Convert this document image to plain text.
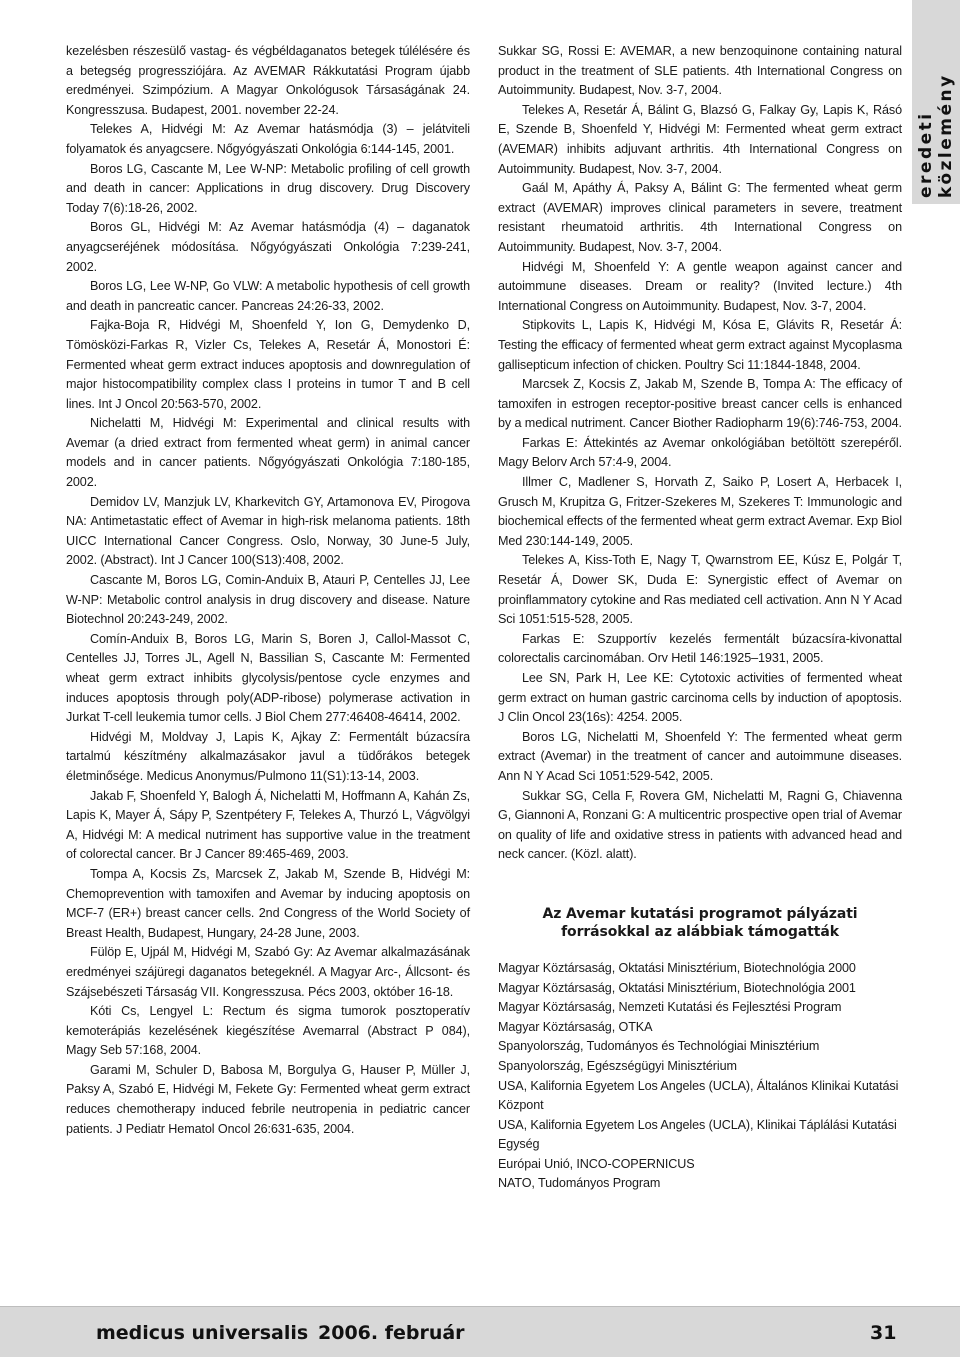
eredeti közlemény

kezelésben részesülő vastag- és végbéldaganatos betegek túlélésére és a betegség progressziójára. Az AVEMAR Rákkutatási Program újabb eredményei. Szimpózium. A Magyar Onkológusok Társaságának 24. Kongresszusa. Budapest, 2001. november 22-24.

Telekes A, Hidvégi M: Az Avemar hatásmódja (3) – jelátviteli folyamatok és anyagcsere. Nőgyógyászati Onkológia 6:144-145, 2001.

Boros LG, Cascante M, Lee W-NP: Metabolic profiling of cell growth and death in cancer: Applications in drug discovery. Drug Discovery Today 7(6):18-26, 2002.

Boros GL, Hidvégi M: Az Avemar hatásmódja (4) – daganatok anyagcseréjének módosítása. Nőgyógyászati Onkológia 7:239-241, 2002.

Boros LG, Lee W-NP, Go VLW: A metabolic hypothesis of cell growth and death in pancreatic cancer. Pancreas 24:26-33, 2002.

Fajka-Boja R, Hidvégi M, Shoenfeld Y, Ion G, Demydenko D, Tömösközi-Farkas R, Vizler Cs, Telekes A, Resetár Á, Monostori É: Fermented wheat germ extract induces apoptosis and downregulation of major histocompatibility complex class I proteins in tumor T and B cell lines. Int J Oncol 20:563-570, 2002.

Nichelatti M, Hidvégi M: Experimental and clinical results with Avemar (a dried extract from fermented wheat germ) in animal cancer models and in cancer patients. Nőgyógyászati Onkológia 7:180-185, 2002.

Demidov LV, Manzjuk LV, Kharkevitch GY, Artamonova EV, Pirogova NA: Antimetastatic effect of Avemar in high-risk melanoma patients. 18th UICC International Cancer Congress. Oslo, Norway, 30 June-5 July, 2002. (Abstract). Int J Cancer 100(S13):408, 2002.

Cascante M, Boros LG, Comin-Anduix B, Atauri P, Centelles JJ, Lee W-NP: Metabolic control analysis in drug discovery and disease. Nature Biotechnol 20:243-249, 2002.

Comín-Anduix B, Boros LG, Marin S, Boren J, Callol-Massot C, Centelles JJ, Torres JL, Agell N, Bassilian S, Cascante M: Fermented wheat germ extract inhibits glycolysis/pentose cycle enzymes and induces apoptosis through poly(ADP-ribose) polymerase activation in Jurkat T-cell leukemia tumor cells. J Biol Chem 277:46408-46414, 2002.

Hidvégi M, Moldvay J, Lapis K, Ajkay Z: Fermentált búzacsíra tartalmú készítmény alkalmazásakor javul a tüdőrákos betegek életminősége. Medicus Anonymus/Pulmono 11(S1):13-14, 2003.

Jakab F, Shoenfeld Y, Balogh Á, Nichelatti M, Hoffmann A, Kahán Zs, Lapis K, Mayer Á, Sápy P, Szentpétery F, Telekes A, Thurzó L, Vágvölgyi A, Hidvégi M: A medical nutriment has supportive value in the treatment of colorectal cancer. Br J Cancer 89:465-469, 2003.

Tompa A, Kocsis Zs, Marcsek Z, Jakab M, Szende B, Hidvégi M: Chemoprevention with tamoxifen and Avemar by inducing apoptosis on MCF-7 (ER+) breast cancer cells. 2nd Congress of the World Society of Breast Health, Budapest, Hungary, 24-28 June, 2003.

Fülöp E, Ujpál M, Hidvégi M, Szabó Gy: Az Avemar alkalmazásának eredményei szájüregi daganatos betegeknél. A Magyar Arc-, Állcsont- és Szájsebészeti Társaság VII. Kongresszusa. Pécs 2003, október 16-18.

Kóti Cs, Lengyel L: Rectum és sigma tumorok posztoperatív kemoterápiás kezelésének kiegészítése Avemarral (Abstract P 084), Magy Seb 57:168, 2004.

Garami M, Schuler D, Babosa M, Borgulya G, Hauser P, Müller J, Paksy A, Szabó E, Hidvégi M, Fekete Gy: Fermented wheat germ extract reduces chemotherapy induced febrile neutropenia in pediatric cancer patients. J Pediatr Hematol Oncol 26:631-635, 2004.

Sukkar SG, Rossi E: AVEMAR, a new benzoquinone containing natural product in the treatment of SLE patients. 4th International Congress on Autoimmunity. Budapest, Nov. 3-7, 2004.

Telekes A, Resetár Á, Bálint G, Blazsó G, Falkay Gy, Lapis K, Rásó E, Szende B, Shoenfeld Y, Hidvégi M: Fermented wheat germ extract (AVEMAR) inhibits adjuvant arthritis. 4th International Congress on Autoimmunity. Budapest, Nov. 3-7, 2004.

Gaál M, Apáthy Á, Paksy A, Bálint G: The fermented wheat germ extract (AVEMAR) improves clinical parameters in severe, treatment resistant rheumatoid arthritis. 4th International Congress on Autoimmunity. Budapest, Nov. 3-7, 2004.

Hidvégi M, Shoenfeld Y: A gentle weapon against cancer and autoimmune diseases. Dream or reality? (Invited lecture.) 4th International Congress on Autoimmunity. Budapest, Nov. 3-7, 2004.

Stipkovits L, Lapis K, Hidvégi M, Kósa E, Glávits R, Resetár Á: Testing the efficacy of fermented wheat germ extract against Mycoplasma gallisepticum infection of chicken. Poultry Sci 11:1844-1848, 2004.

Marcsek Z, Kocsis Z, Jakab M, Szende B, Tompa A: The efficacy of tamoxifen in estrogen receptor-positive breast cancer cells is enhanced by a medical nutriment. Cancer Biother Radiopharm 19(6):746-753, 2004.

Farkas E: Áttekintés az Avemar onkológiában betöltött szerepéről. Magy Belorv Arch 57:4-9, 2004.

Illmer C, Madlener S, Horvath Z, Saiko P, Losert A, Herbacek I, Grusch M, Krupitza G, Fritzer-Szekeres M, Szekeres T: Immunologic and biochemical effects of the fermented wheat germ extract Avemar. Exp Biol Med 230:144-149, 2005.

Telekes A, Kiss-Toth E, Nagy T, Qwarnstrom EE, Kúsz E, Polgár T, Resetár Á, Dower SK, Duda E: Synergistic effect of Avemar on proinflammatory cytokine and Ras mediated cell activation. Ann N Y Acad Sci 1051:515-528, 2005.

Farkas E: Szupportív kezelés fermentált búzacsíra-kivonattal colorectalis carcinomában. Orv Hetil 146:1925–1931, 2005.

Lee SN, Park H, Lee KE: Cytotoxic activities of fermented wheat germ extract on human gastric carcinoma cells by induction of apoptosis. J Clin Oncol 23(16s): 4254. 2005.

Boros LG, Nichelatti M, Shoenfeld Y: The fermented wheat germ extract (Avemar) in the treatment of cancer and autoimmune diseases. Ann N Y Acad Sci 1051:529-542, 2005.

Sukkar SG, Cella F, Rovera GM, Nichelatti M, Ragni G, Chiavenna G, Giannoni A, Ronzani G: A multicentric prospective open trial of Avemar on quality of life and oxidative stress in patients with advanced head and neck cancer. (Közl. alatt).

Az Avemar kutatási programot pályázati forrásokkal az alábbiak támogatták

Magyar Köztársaság, Oktatási Minisztérium, Biotechnológia 2000

Magyar Köztársaság, Oktatási Minisztérium, Biotechnológia 2001

Magyar Köztársaság, Nemzeti Kutatási és Fejlesztési Program

Magyar Köztársaság, OTKA

Spanyolország, Tudományos és Technológiai Minisztérium

Spanyolország, Egészségügyi Minisztérium

USA, Kalifornia Egyetem Los Angeles (UCLA), Általános Klinikai Kutatási Központ

USA, Kalifornia Egyetem Los Angeles (UCLA), Klinikai Táplálási Kutatási Egység

Európai Unió, INCO-COPERNICUS

NATO, Tudományos Program

medicus universalis 2006. február	31
